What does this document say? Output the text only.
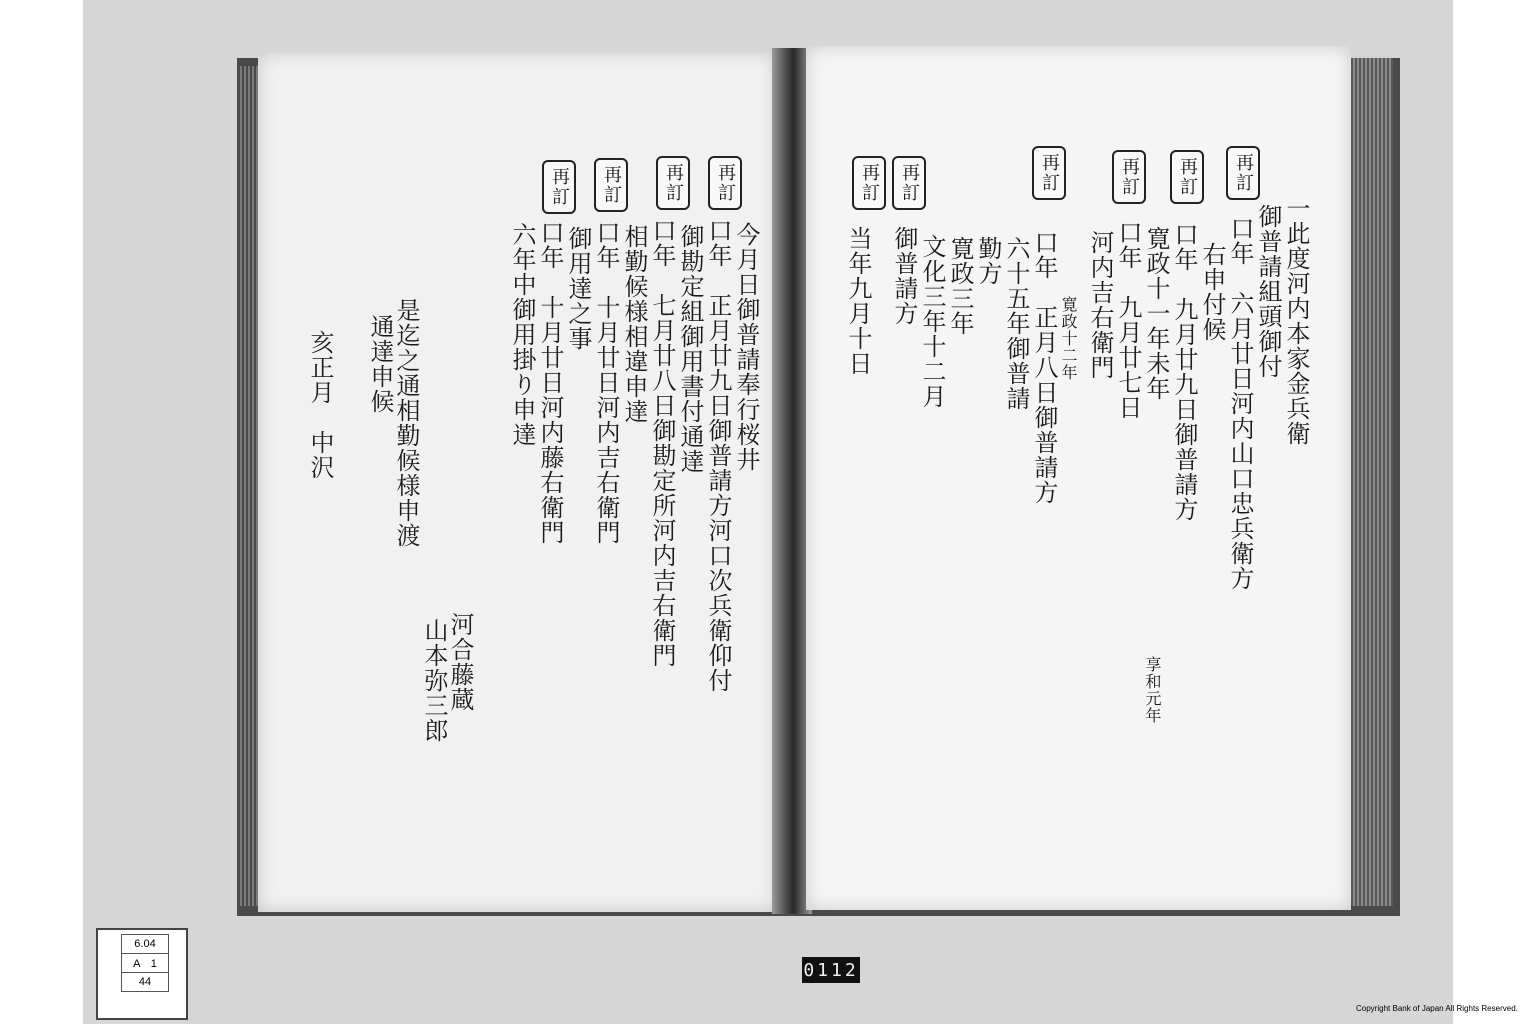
再訂
再訂
再訂
再訂
今月日御普請奉行桜井
口年　正月廿九日御普請方河口次兵衛仰付
御勘定組御用書付通達
口年　七月廿八日御勘定所河内吉右衛門
相勤候様相違申達
口年　十月廿日河内吉右衛門
御用達之事
口年　十月廿日河内藤右衛門
六年中御用掛り申達
河合藤蔵
山本弥三郎
是迄之通相勤候様申渡
通達申候
亥正月　中沢
再訂
再訂
再訂
再訂
再訂
再訂
一此度河内本家金兵衛
御普請組頭御付
口年　六月廿日河内山口忠兵衛方
右申付候
口年　九月廿九日御普請方
寛政十一年未年
享和元年
口年　九月廿七日
河内吉右衛門
寛政十二年
口年　正月八日御普請方
六十五年御普請
勤方
寛政三年
文化三年十二月
御普請方
当年九月十日
6.04
A　1
44
0112
Copyright Bank of Japan All Rights Reserved.
